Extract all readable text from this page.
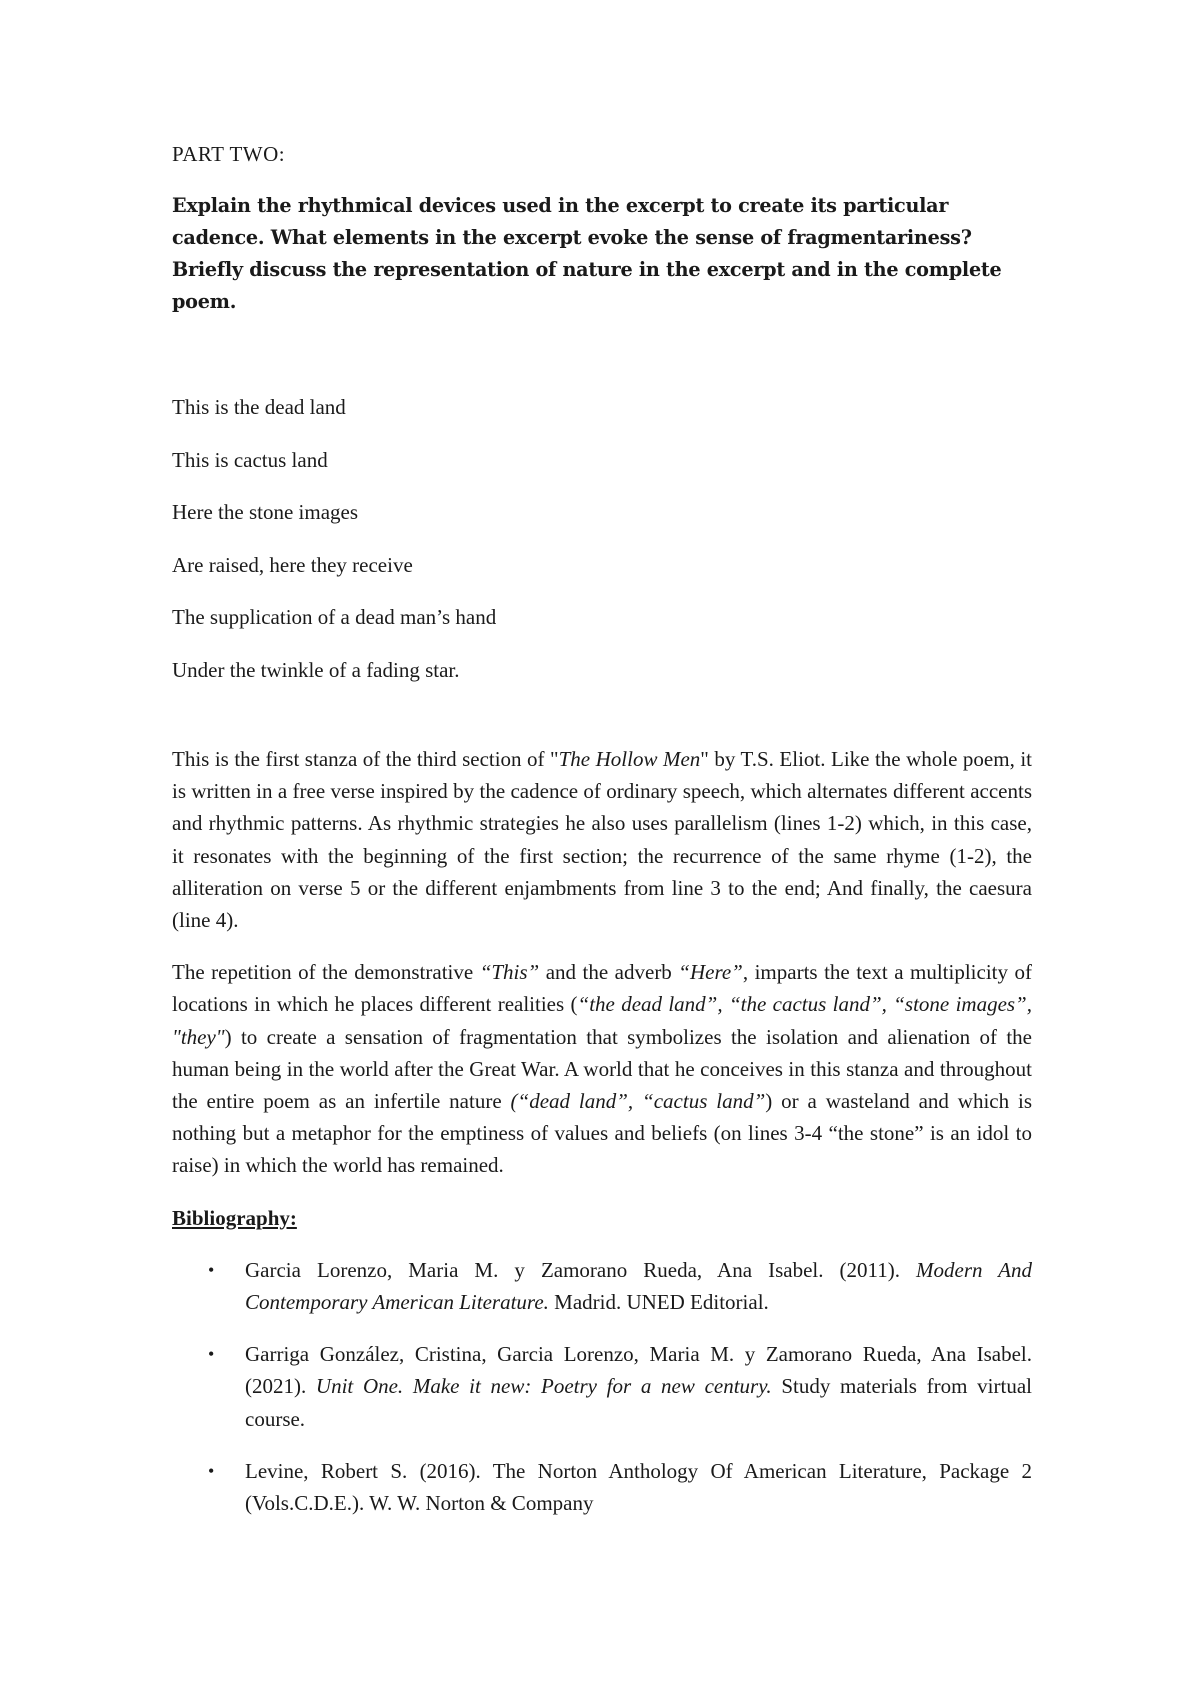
PART TWO:

Explain the rhythmical devices used in the excerpt to create its particular cadence. What elements in the excerpt evoke the sense of fragmentariness? Briefly discuss the representation of nature in the excerpt and in the complete poem.

This is the dead land

This is cactus land

Here the stone images

Are raised, here they receive

The supplication of a dead man’s hand

Under the twinkle of a fading star.

This is the first stanza of the third section of "The Hollow Men" by T.S. Eliot. Like the whole poem, it is written in a free verse inspired by the cadence of ordinary speech, which alternates different accents and rhythmic patterns. As rhythmic strategies he also uses parallelism (lines 1-2) which, in this case, it resonates with the beginning of the first section; the recurrence of the same rhyme (1-2), the alliteration on verse 5 or the different enjambments from line 3 to the end; And finally, the caesura (line 4).

The repetition of the demonstrative “This” and the adverb “Here”, imparts the text a multiplicity of locations in which he places different realities (“the dead land”, “the cactus land”, “stone images”, "they") to create a sensation of fragmentation that symbolizes the isolation and alienation of the human being in the world after the Great War. A world that he conceives in this stanza and throughout the entire poem as an infertile nature (“dead land”, “cactus land”) or a wasteland and which is nothing but a metaphor for the emptiness of values and beliefs (on lines 3-4 “the stone” is an idol to raise) in which the world has remained.

Bibliography:

• Garcia Lorenzo, Maria M. y Zamorano Rueda, Ana Isabel. (2011). Modern And Contemporary American Literature. Madrid. UNED Editorial.
• Garriga González, Cristina, Garcia Lorenzo, Maria M. y Zamorano Rueda, Ana Isabel. (2021). Unit One. Make it new: Poetry for a new century. Study materials from virtual course.
• Levine, Robert S. (2016). The Norton Anthology Of American Literature, Package 2 (Vols.C.D.E.). W. W. Norton & Company
